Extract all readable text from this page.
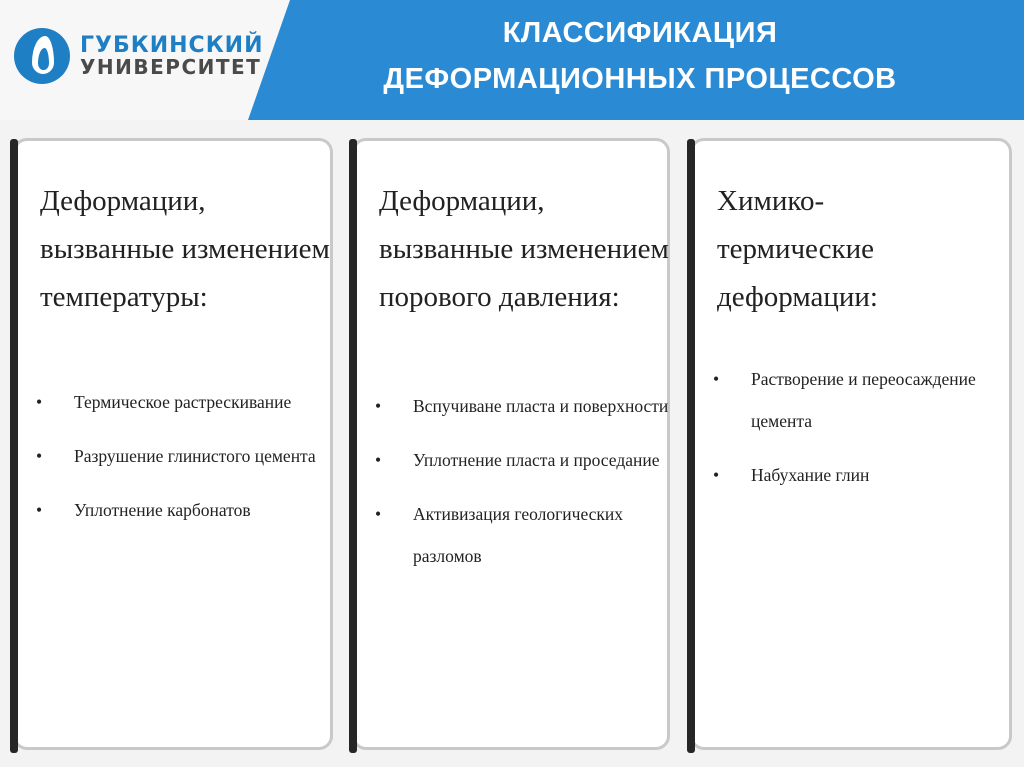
ГУБКИНСКИЙ
УНИВЕРСИТЕТ
КЛАССИФИКАЦИЯ
ДЕФОРМАЦИОННЫХ ПРОЦЕССОВ
Деформации, вызванные изменением температуры:
• Термическое растрескивание
• Разрушение глинистого цемента
• Уплотнение карбонатов
Деформации, вызванные изменением порового давления:
• Вспучиване пласта и поверхности
• Уплотнение пласта и проседание
• Активизация геологических разломов
Химико-термические деформации:
• Растворение и переосаждение цемента
• Набухание глин
